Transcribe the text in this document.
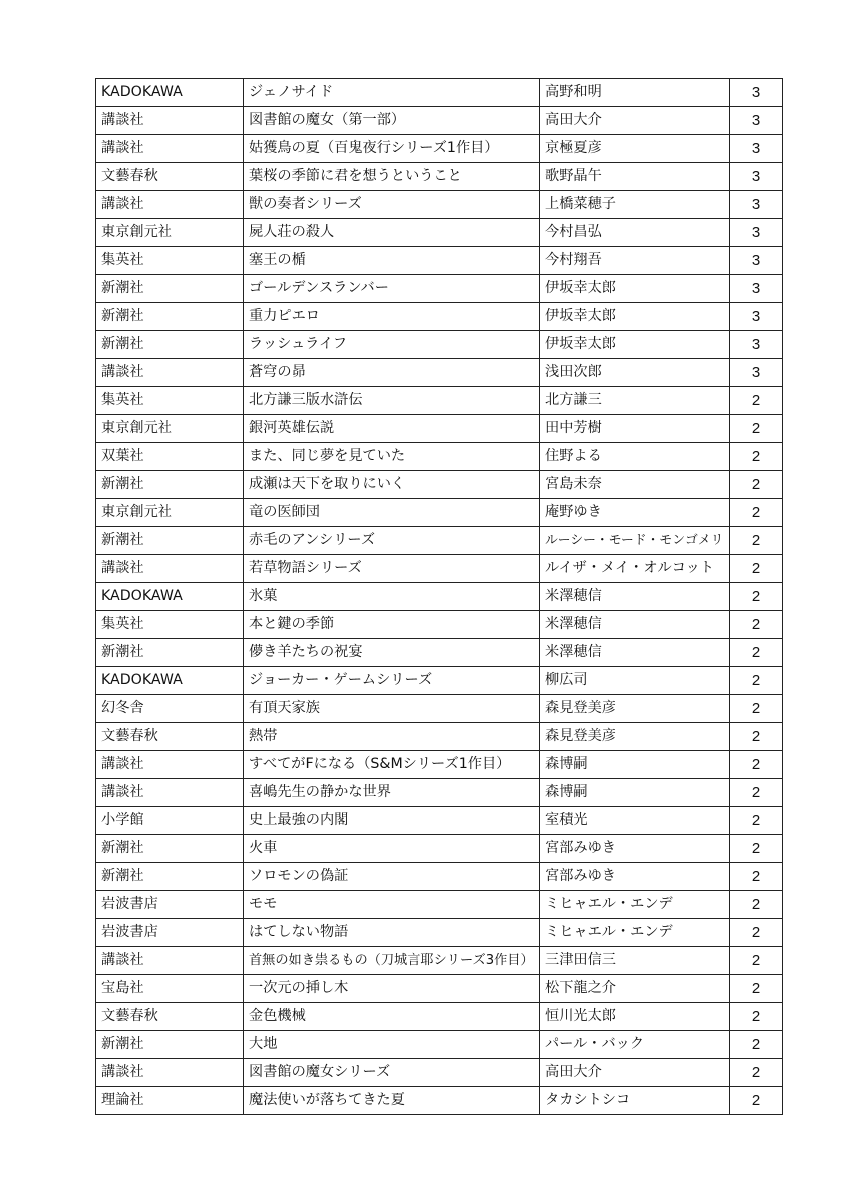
KADOKAWA	ジェノサイド	高野和明	3
講談社	図書館の魔女（第一部）	高田大介	3
講談社	姑獲鳥の夏（百鬼夜行シリーズ1作目）	京極夏彦	3
文藝春秋	葉桜の季節に君を想うということ	歌野晶午	3
講談社	獣の奏者シリーズ	上橋菜穂子	3
東京創元社	屍人荘の殺人	今村昌弘	3
集英社	塞王の楯	今村翔吾	3
新潮社	ゴールデンスランバー	伊坂幸太郎	3
新潮社	重力ピエロ	伊坂幸太郎	3
新潮社	ラッシュライフ	伊坂幸太郎	3
講談社	蒼穹の昴	浅田次郎	3
集英社	北方謙三版水滸伝	北方謙三	2
東京創元社	銀河英雄伝説	田中芳樹	2
双葉社	また、同じ夢を見ていた	住野よる	2
新潮社	成瀬は天下を取りにいく	宮島未奈	2
東京創元社	竜の医師団	庵野ゆき	2
新潮社	赤毛のアンシリーズ	ルーシー・モード・モンゴメリ	2
講談社	若草物語シリーズ	ルイザ・メイ・オルコット	2
KADOKAWA	氷菓	米澤穂信	2
集英社	本と鍵の季節	米澤穂信	2
新潮社	儚き羊たちの祝宴	米澤穂信	2
KADOKAWA	ジョーカー・ゲームシリーズ	柳広司	2
幻冬舎	有頂天家族	森見登美彦	2
文藝春秋	熱帯	森見登美彦	2
講談社	すべてがFになる（S&Mシリーズ1作目）	森博嗣	2
講談社	喜嶋先生の静かな世界	森博嗣	2
小学館	史上最強の内閣	室積光	2
新潮社	火車	宮部みゆき	2
新潮社	ソロモンの偽証	宮部みゆき	2
岩波書店	モモ	ミヒャエル・エンデ	2
岩波書店	はてしない物語	ミヒャエル・エンデ	2
講談社	首無の如き祟るもの（刀城言耶シリーズ3作目）	三津田信三	2
宝島社	一次元の挿し木	松下龍之介	2
文藝春秋	金色機械	恒川光太郎	2
新潮社	大地	パール・バック	2
講談社	図書館の魔女シリーズ	高田大介	2
理論社	魔法使いが落ちてきた夏	タカシトシコ	2
